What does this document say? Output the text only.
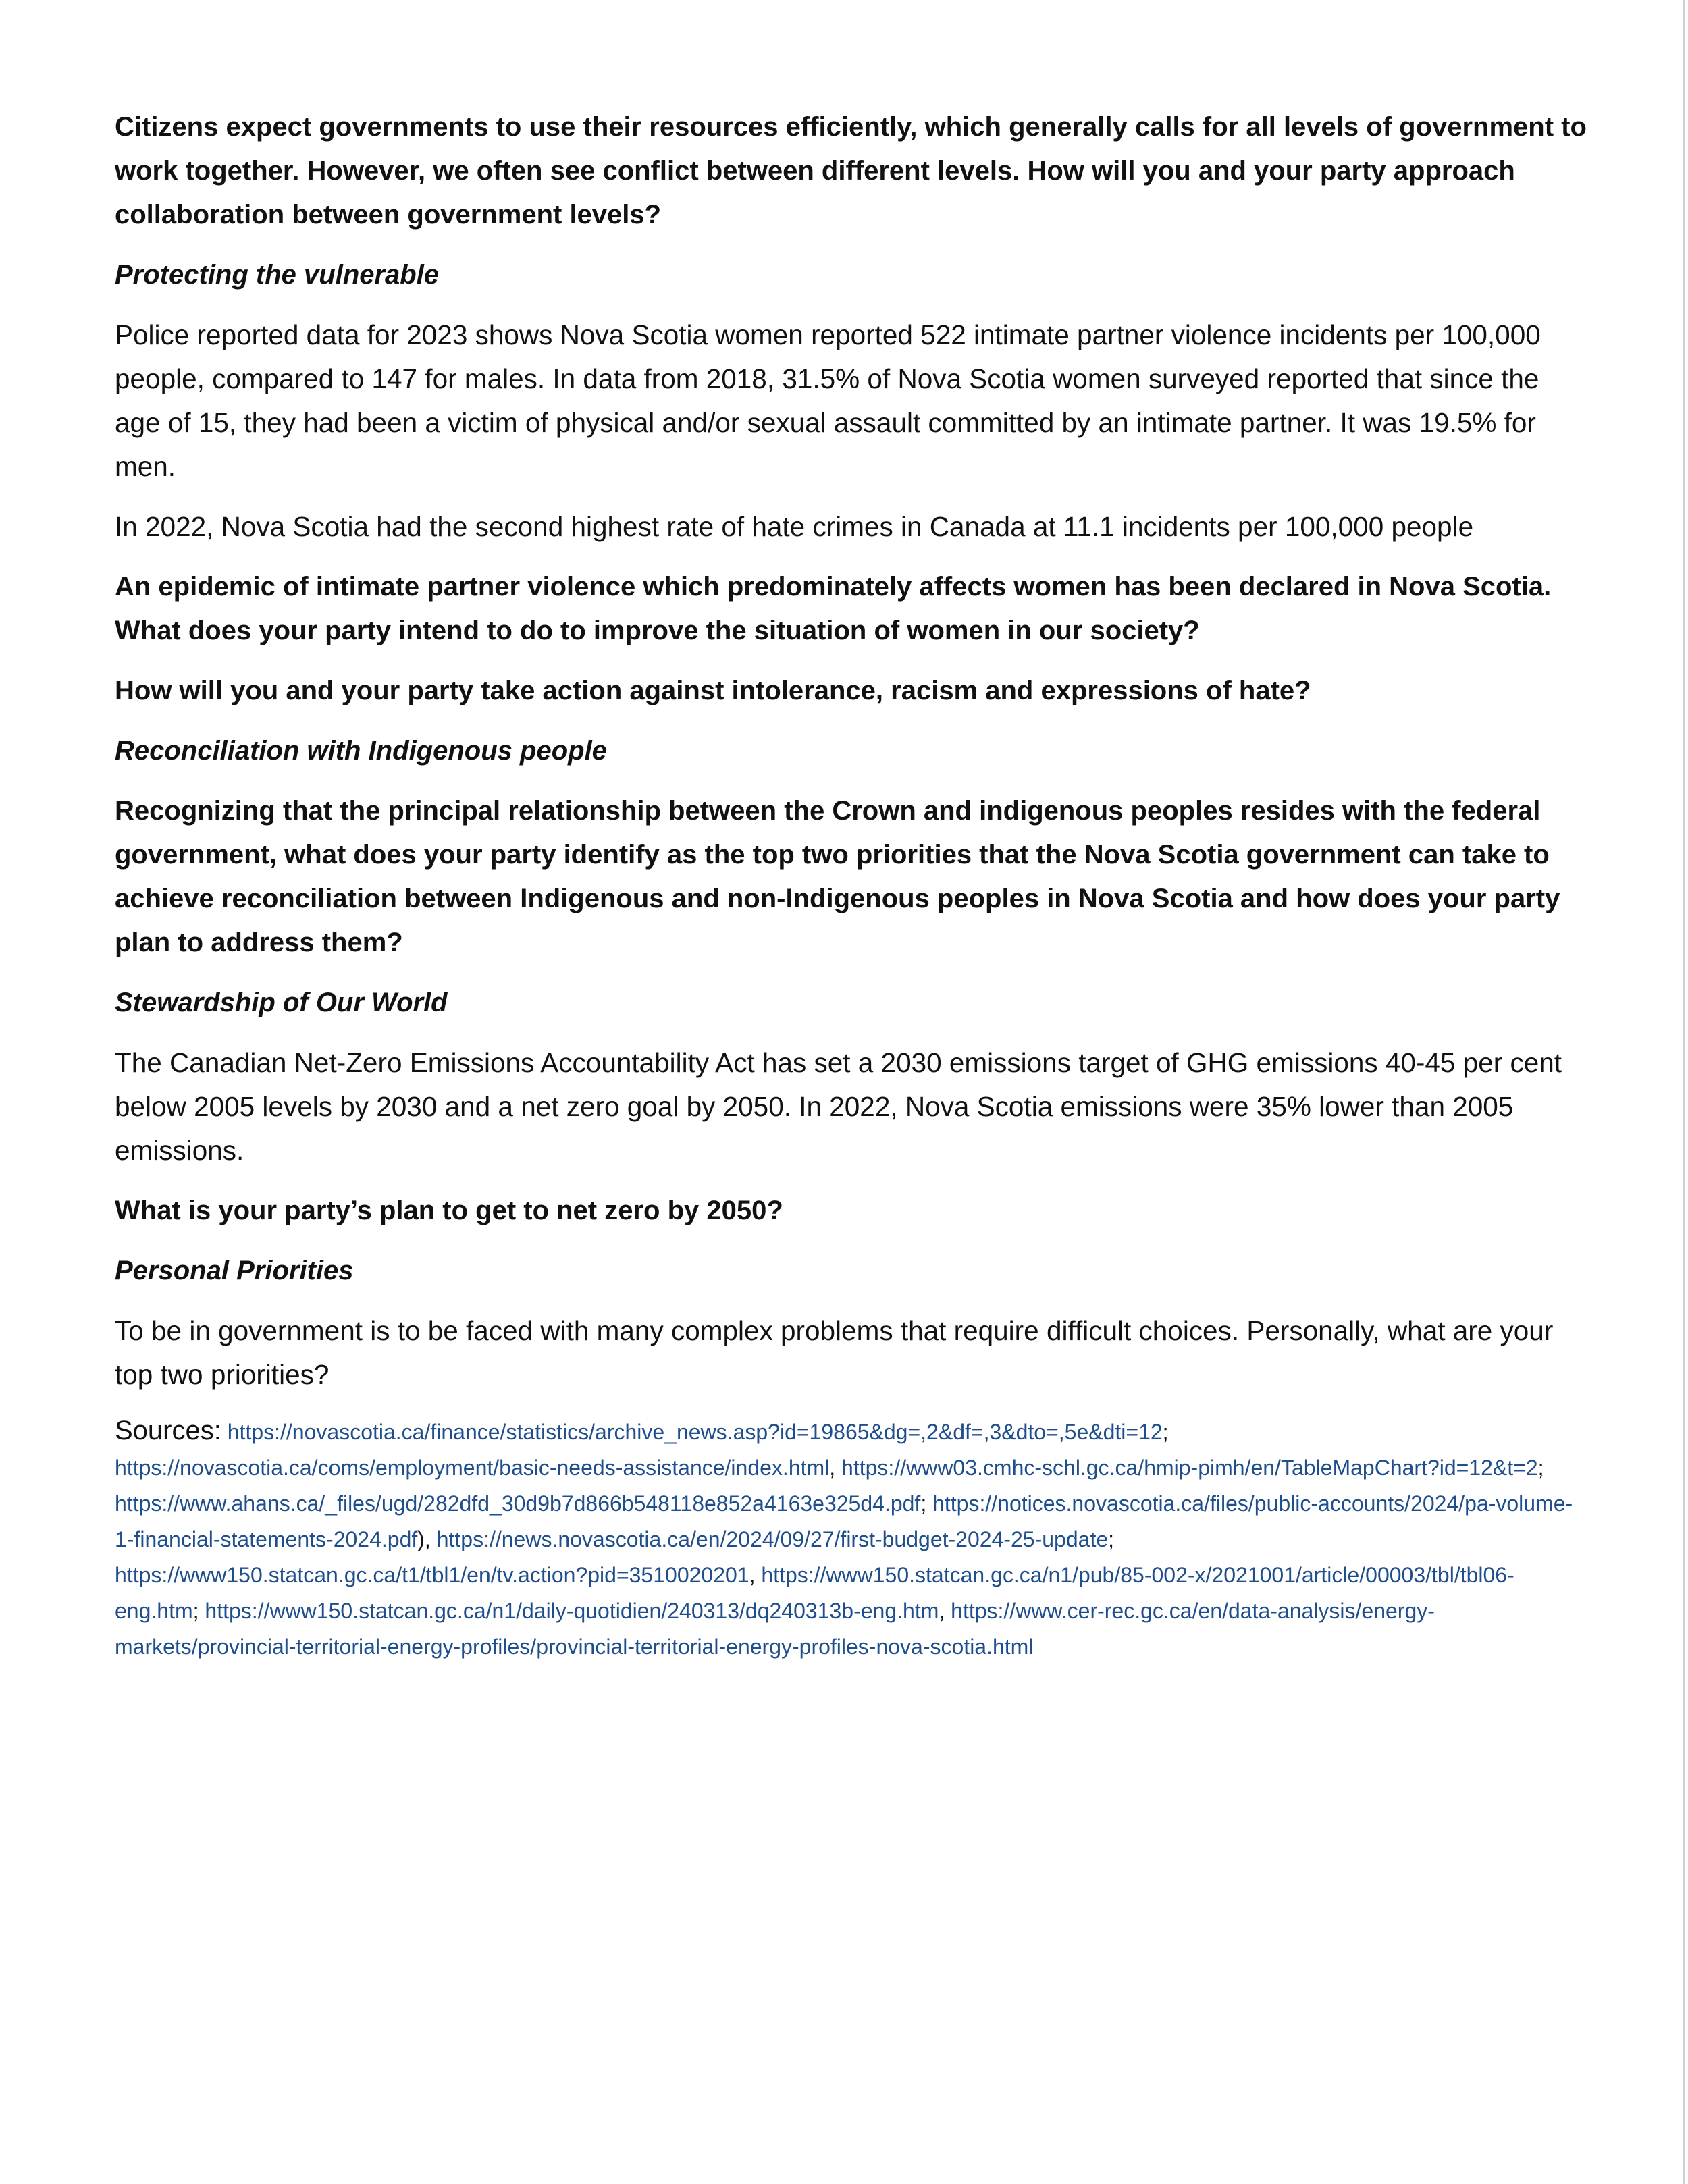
Citizens expect governments to use their resources efficiently, which generally calls for all levels of government to work together. However, we often see conflict between different levels. How will you and your party approach collaboration between government levels?

Protecting the vulnerable

Police reported data for 2023 shows Nova Scotia women reported 522 intimate partner violence incidents per 100,000 people, compared to 147 for males. In data from 2018, 31.5% of Nova Scotia women surveyed reported that since the age of 15, they had been a victim of physical and/or sexual assault committed by an intimate partner. It was 19.5% for men.

In 2022, Nova Scotia had the second highest rate of hate crimes in Canada at 11.1 incidents per 100,000 people

An epidemic of intimate partner violence which predominately affects women has been declared in Nova Scotia. What does your party intend to do to improve the situation of women in our society?

How will you and your party take action against intolerance, racism and expressions of hate?

Reconciliation with Indigenous people

Recognizing that the principal relationship between the Crown and indigenous peoples resides with the federal government, what does your party identify as the top two priorities that the Nova Scotia government can take to achieve reconciliation between Indigenous and non-Indigenous peoples in Nova Scotia and how does your party plan to address them?

Stewardship of Our World

The Canadian Net-Zero Emissions Accountability Act has set a 2030 emissions target of GHG emissions 40-45 per cent below 2005 levels by 2030 and a net zero goal by 2050. In 2022, Nova Scotia emissions were 35% lower than 2005 emissions.

What is your party’s plan to get to net zero by 2050?

Personal Priorities

To be in government is to be faced with many complex problems that require difficult choices. Personally, what are your top two priorities?

Sources: https://novascotia.ca/finance/statistics/archive_news.asp?id=19865&dg=,2&df=,3&dto=,5e&dti=12; https://novascotia.ca/coms/employment/basic-needs-assistance/index.html, https://www03.cmhc-schl.gc.ca/hmip-pimh/en/TableMapChart?id=12&t=2; https://www.ahans.ca/_files/ugd/282dfd_30d9b7d866b548118e852a4163e325d4.pdf; https://notices.novascotia.ca/files/public-accounts/2024/pa-volume-1-financial-statements-2024.pdf), https://news.novascotia.ca/en/2024/09/27/first-budget-2024-25-update; https://www150.statcan.gc.ca/t1/tbl1/en/tv.action?pid=3510020201, https://www150.statcan.gc.ca/n1/pub/85-002-x/2021001/article/00003/tbl/tbl06-eng.htm; https://www150.statcan.gc.ca/n1/daily-quotidien/240313/dq240313b-eng.htm, https://www.cer-rec.gc.ca/en/data-analysis/energy-markets/provincial-territorial-energy-profiles/provincial-territorial-energy-profiles-nova-scotia.html
